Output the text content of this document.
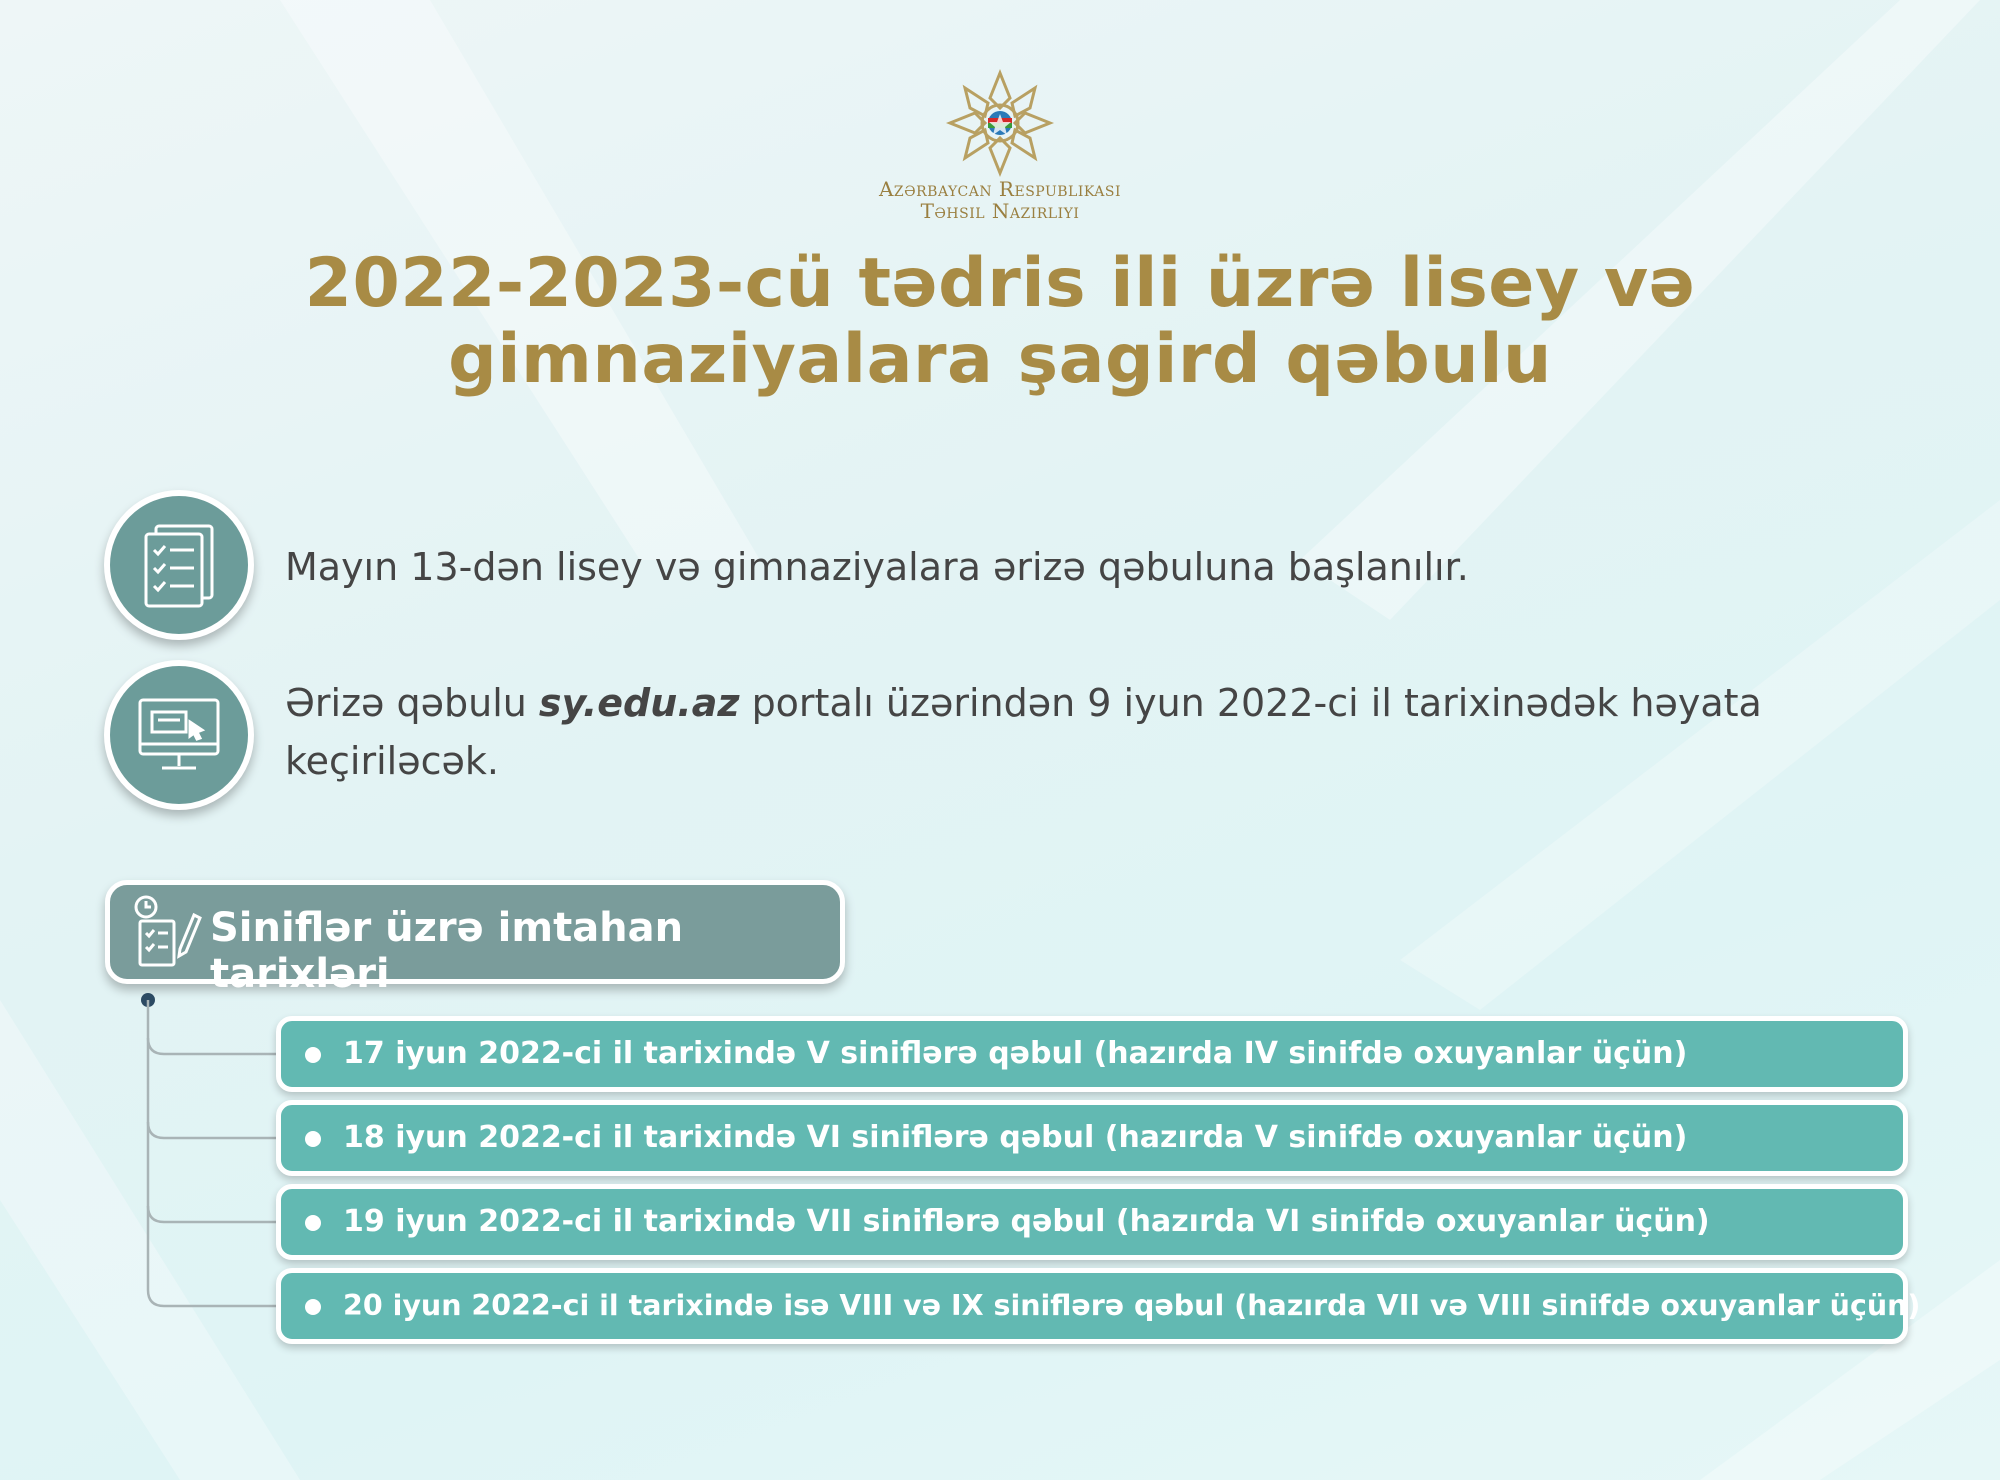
Azərbaycan Respublikası
Təhsil Nazirliyi
2022-2023-cü tədris ili üzrə lisey və
gimnaziyalara şagird qəbulu
Mayın 13-dən lisey və gimnaziyalara ərizə qəbuluna başlanılır.
Ərizə qəbulu sy.edu.az portalı üzərindən 9 iyun 2022-ci il tarixinədək həyata keçiriləcək.
Siniflər üzrə imtahan tarixləri
17 iyun 2022-ci il tarixində V siniflərə qəbul (hazırda IV sinifdə oxuyanlar üçün)
18 iyun 2022-ci il tarixində VI siniflərə qəbul (hazırda V sinifdə oxuyanlar üçün)
19 iyun 2022-ci il tarixində VII siniflərə qəbul (hazırda VI sinifdə oxuyanlar üçün)
20 iyun 2022-ci il tarixində isə VIII və IX siniflərə qəbul (hazırda VII və VIII sinifdə oxuyanlar üçün)
